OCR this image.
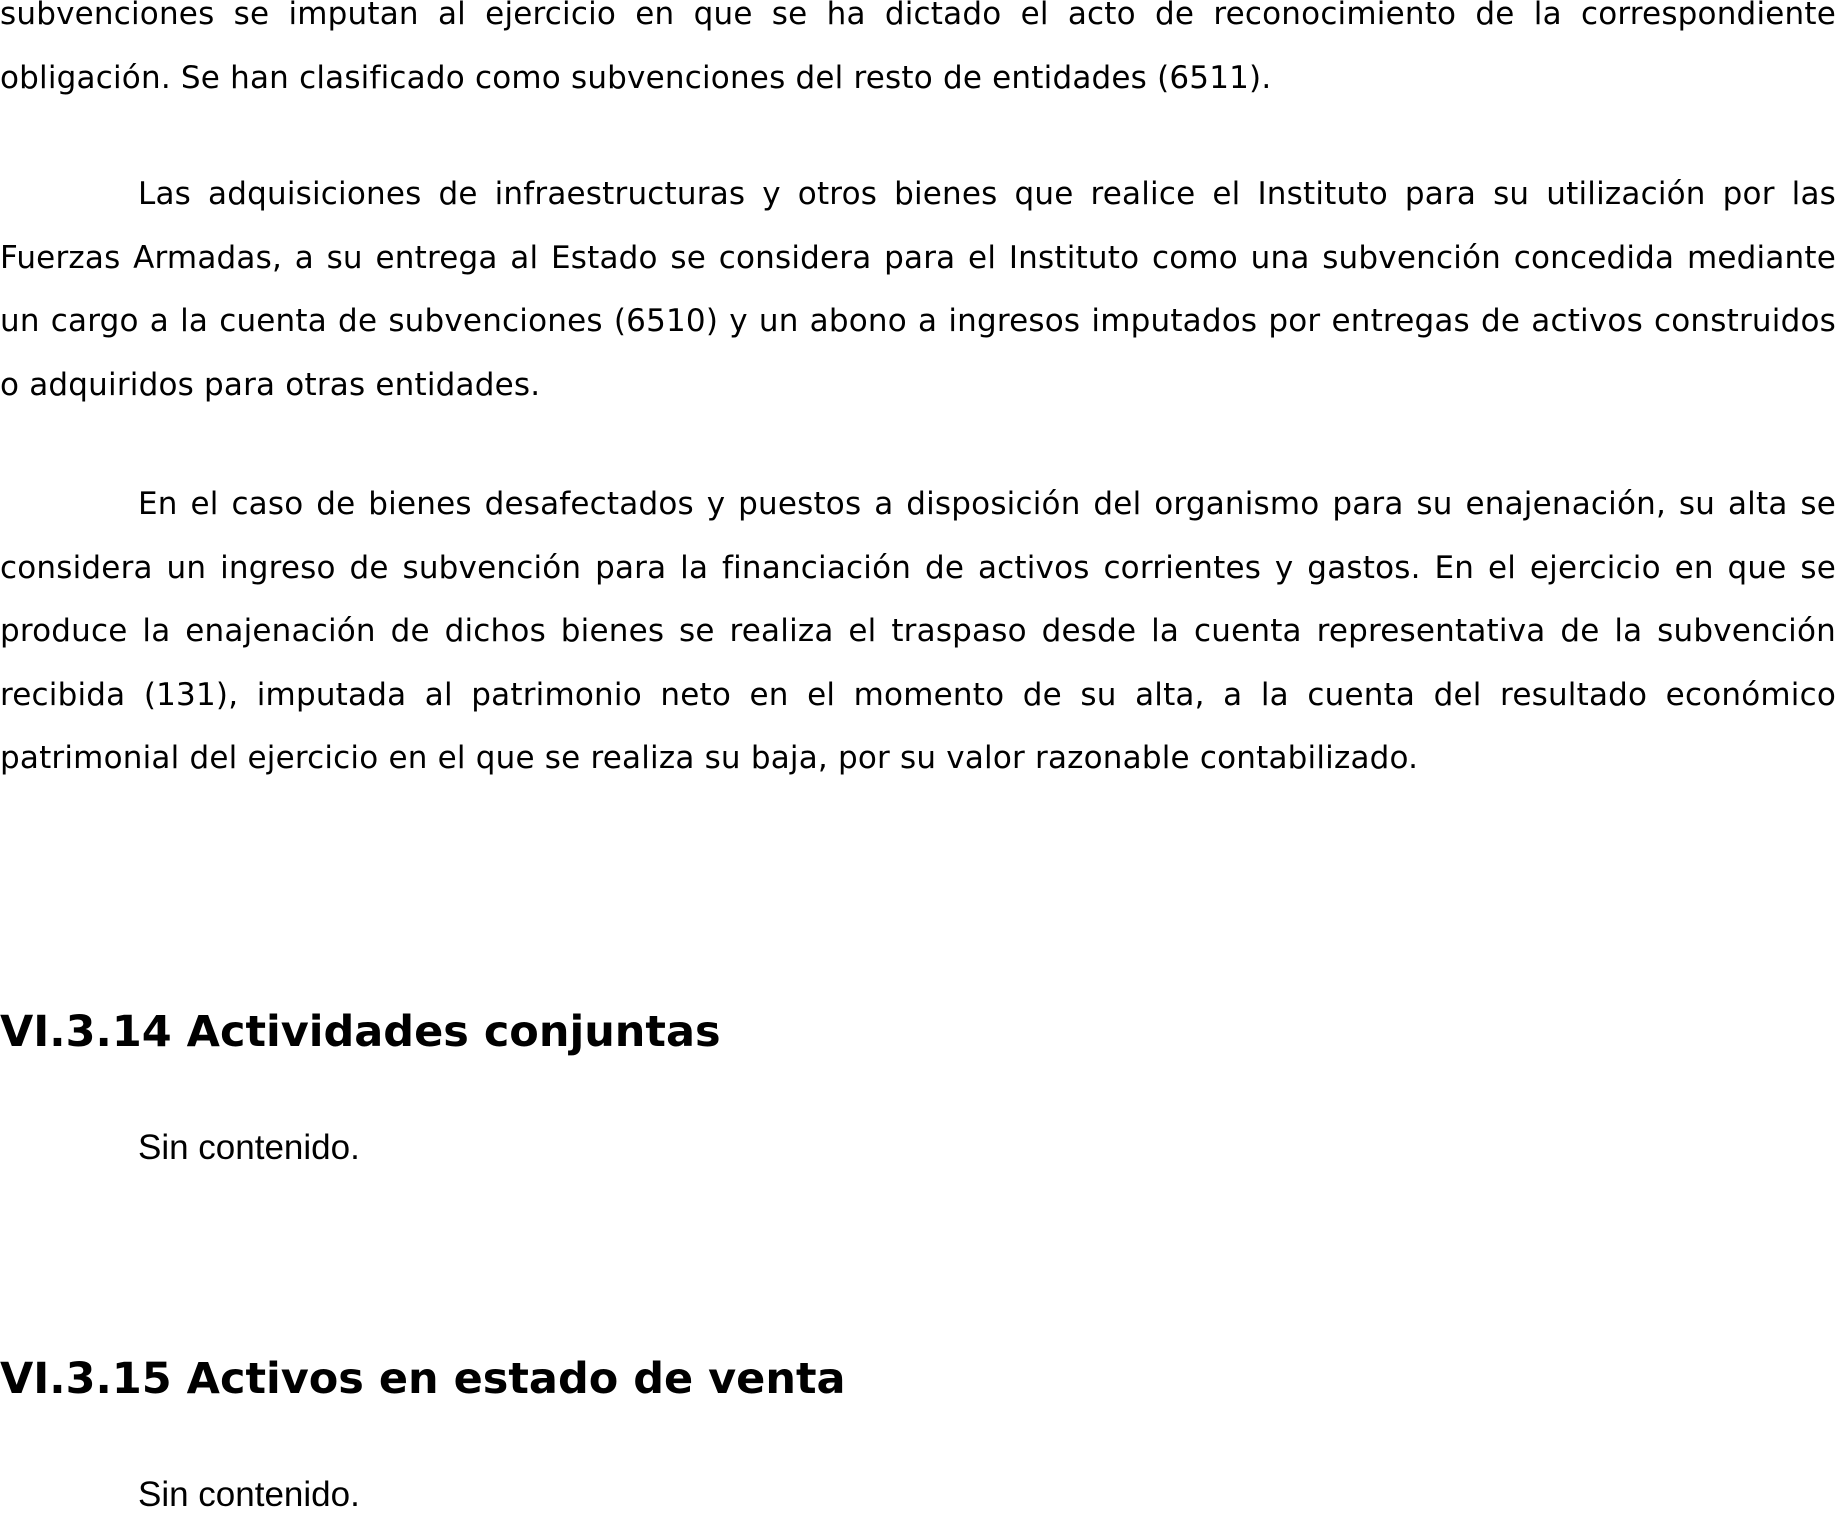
subvenciones se imputan al ejercicio en que se ha dictado el acto de reconocimiento de la correspondiente obligación. Se han clasificado como subvenciones del resto de entidades (6511).

Las adquisiciones de infraestructuras y otros bienes que realice el Instituto para su utilización por las Fuerzas Armadas, a su entrega al Estado se considera para el Instituto como una subvención concedida mediante un cargo a la cuenta de subvenciones (6510) y un abono a ingresos imputados por entregas de activos construidos o adquiridos para otras entidades.

En el caso de bienes desafectados y puestos a disposición del organismo para su enajenación, su alta se considera un ingreso de subvención para la financiación de activos corrientes y gastos. En el ejercicio en que se produce la enajenación de dichos bienes se realiza el traspaso desde la cuenta representativa de la subvención recibida (131), imputada al patrimonio neto en el momento de su alta, a la cuenta del resultado económico patrimonial del ejercicio en el que se realiza su baja, por su valor razonable contabilizado.

VI.3.14 Actividades conjuntas

Sin contenido.

VI.3.15 Activos en estado de venta

Sin contenido.
